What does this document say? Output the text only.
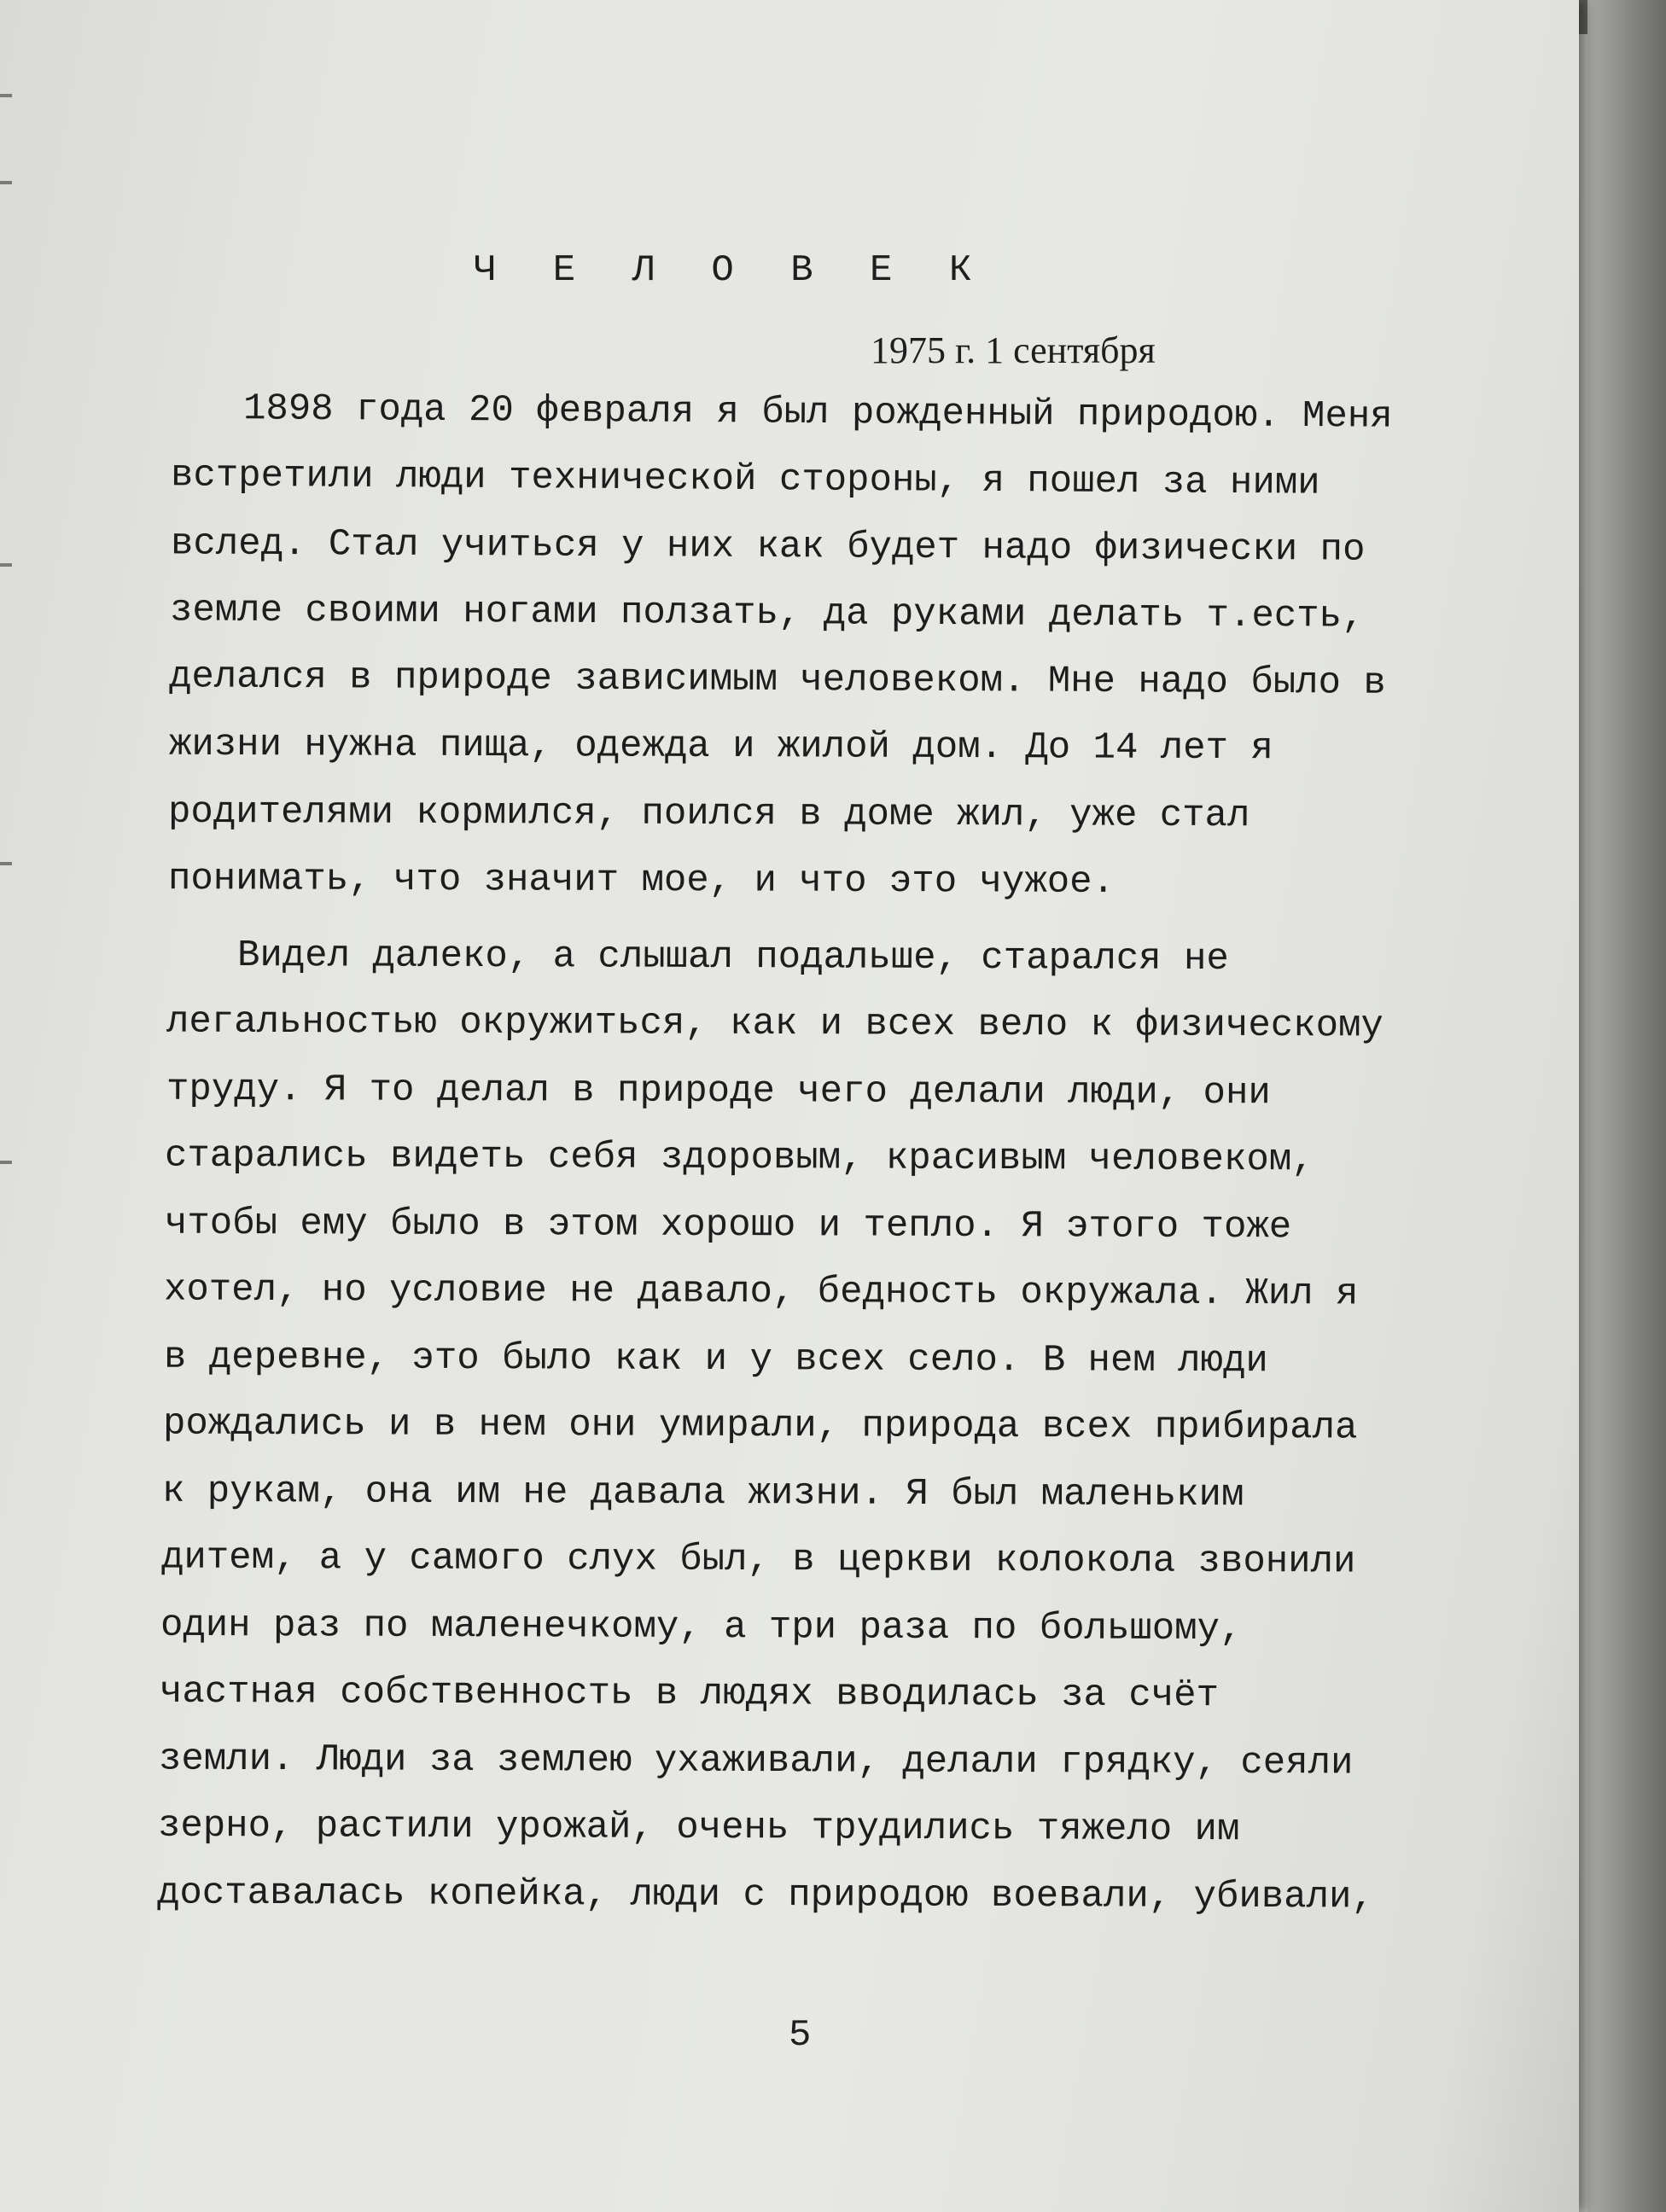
Ч Е Л О В Е К

1975 г. 1 сентября

1898 года 20 февраля я был рожденный природою. Меня
встретили люди технической стороны, я пошел за ними
вслед. Стал учиться у них как будет надо физически по
земле своими ногами ползать, да руками делать т.есть,
делался в природе зависимым человеком. Мне надо было в
жизни нужна пища, одежда и жилой дом. До 14 лет я
родителями кормился, поился в доме жил, уже стал
понимать, что значит мое, и что это чужое.
Видел далеко, а слышал подальше, старался не
легальностью окружиться, как и всех вело к физическому
труду. Я то делал в природе чего делали люди, они
старались видеть себя здоровым, красивым человеком,
чтобы ему было в этом хорошо и тепло. Я этого тоже
хотел, но условие не давало, бедность окружала. Жил я
в деревне, это было как и у всех село. В нем люди
рождались и в нем они умирали, природа всех прибирала
к рукам, она им не давала жизни. Я был маленьким
дитем, а у самого слух был, в церкви колокола звонили
один раз по маленечкому, а три раза по большому,
частная собственность в людях вводилась за счёт
земли. Люди за землею ухаживали, делали грядку, сеяли
зерно, растили урожай, очень трудились тяжело им
доставалась копейка, люди с природою воевали, убивали,
5
